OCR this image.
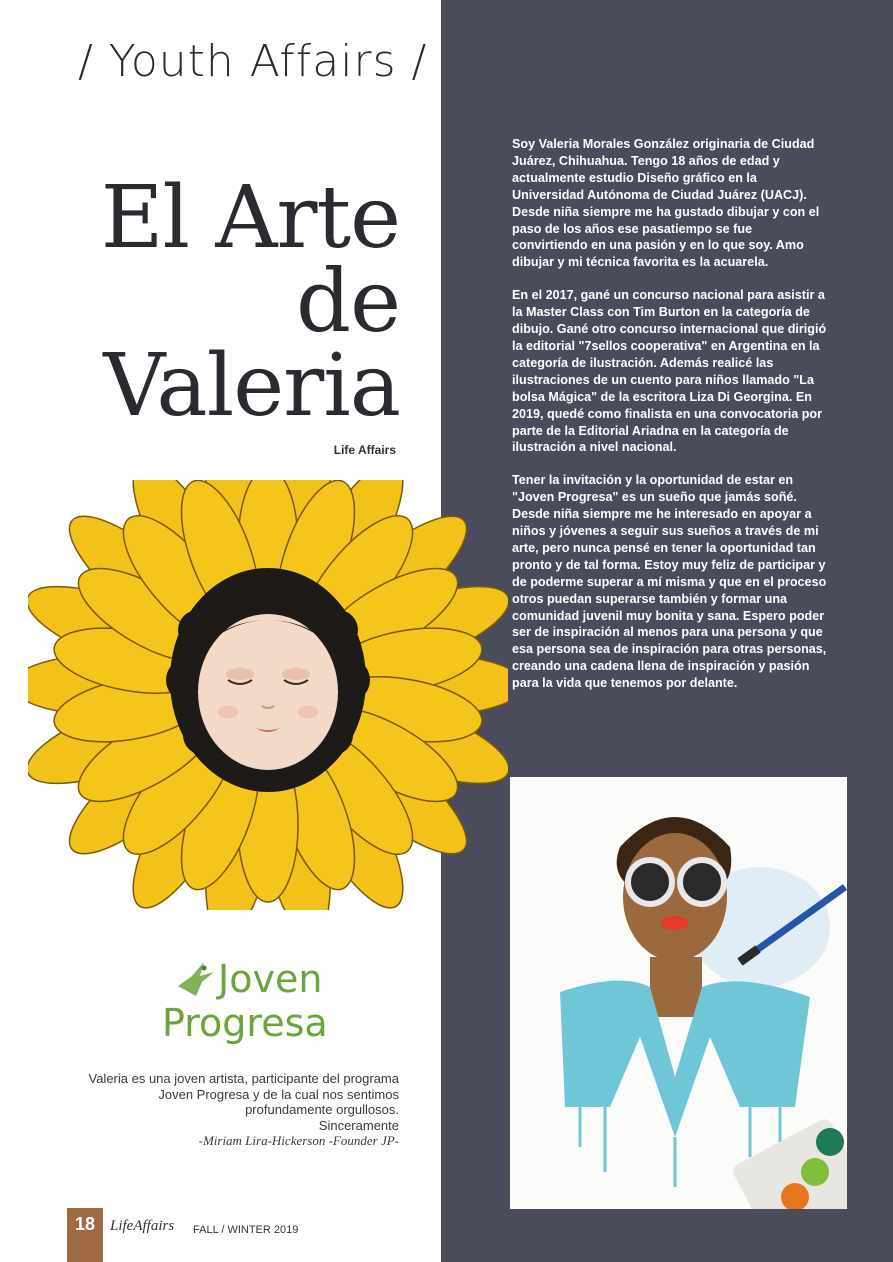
/ Youth Affairs /
El Arte
de
Valeria
Life Affairs

Soy Valeria Morales González originaria de Ciudad Juárez, Chihuahua. Tengo 18 años de edad y actualmente estudio Diseño gráfico en la Universidad Autónoma de Ciudad Juárez (UACJ). Desde niña siempre me ha gustado dibujar y con el paso de los años ese pasatiempo se fue convirtiendo en una pasión y en lo que soy. Amo dibujar y mi técnica favorita es la acuarela.

En el 2017, gané un concurso nacional para asistir a la Master Class con Tim Burton en la categoría de dibujo. Gané otro concurso internacional que dirigió la editorial "7sellos cooperativa" en Argentina en la categoría de ilustración. Además realicé las ilustraciones de un cuento para niños llamado "La bolsa Mágica" de la escritora Liza Di Georgina. En 2019, quedé como finalista en una convocatoria por parte de la Editorial Ariadna en la categoría de ilustración a nivel nacional.

Tener la invitación y la oportunidad de estar en "Joven Progresa" es un sueño que jamás soñé. Desde niña siempre me he interesado en apoyar a niños y jóvenes a seguir sus sueños a través de mi arte, pero nunca pensé en tener la oportunidad tan pronto y de tal forma. Estoy muy feliz de participar y de poderme superar a mí misma y que en el proceso otros puedan superarse también y formar una comunidad juvenil muy bonita y sana. Espero poder ser de inspiración al menos para una persona y que esa persona sea de inspiración para otras personas, creando una cadena llena de inspiración y pasión para la vida que tenemos por delante.

Joven
Progresa
Valeria es una joven artista, participante del programa Joven Progresa y de la cual nos sentimos profundamente orgullosos.
Sinceramente
-Miriam Lira-Hickerson -Founder JP-
18 LifeAffairs FALL / WINTER 2019
